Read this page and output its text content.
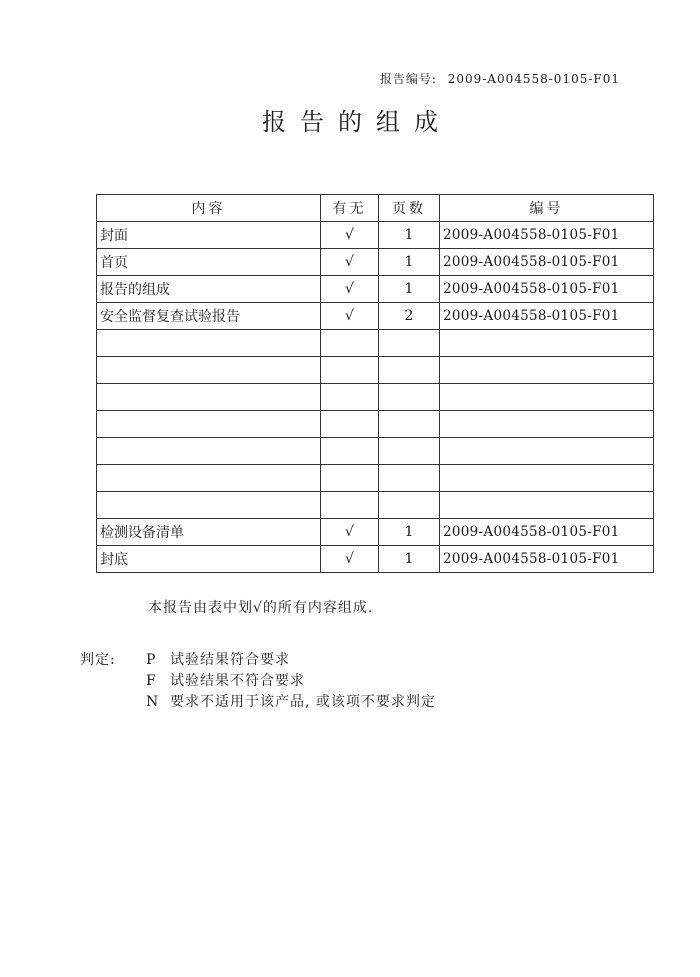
报告编号: 2009-A004558-0105-F01
报告的组成
内容	有无	页数	编号
封面	√	1	2009-A004558-0105-F01
首页	√	1	2009-A004558-0105-F01
报告的组成	√	1	2009-A004558-0105-F01
安全监督复查试验报告	√	2	2009-A004558-0105-F01

检测设备清单	√	1	2009-A004558-0105-F01
封底	√	1	2009-A004558-0105-F01
本报告由表中划√的所有内容组成.
判定: P 试验结果符合要求
F 试验结果不符合要求
N 要求不适用于该产品, 或该项不要求判定
